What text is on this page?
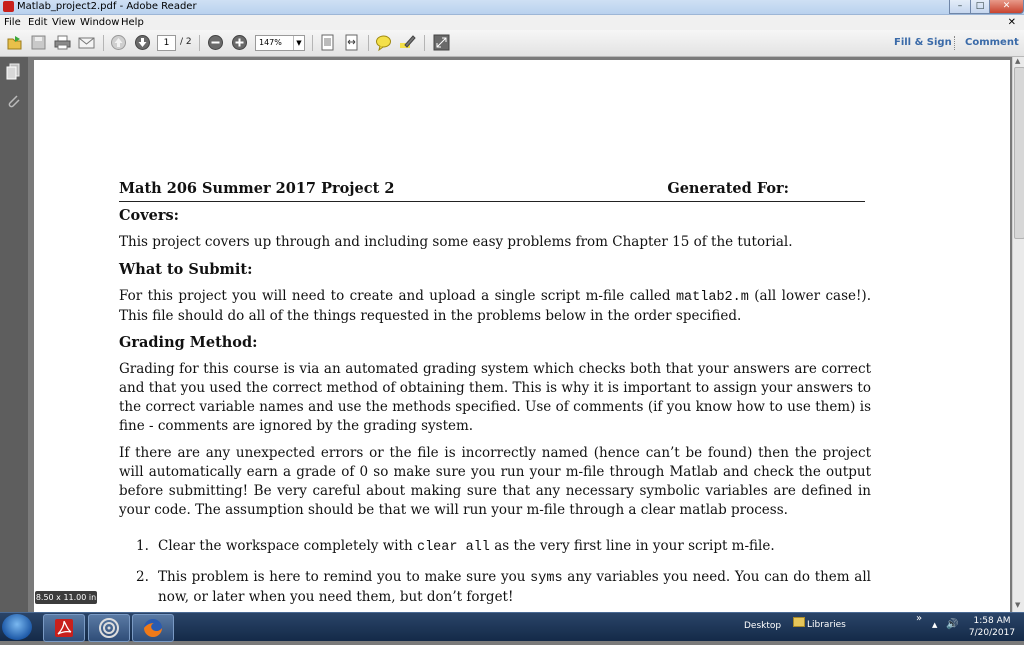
Matlab_project2.pdf - Adobe Reader	–	□	✕
File Edit View Window Help	✕
1	/ 2	147%	▼	Fill & Sign Comment
Math 206 Summer 2017 Project 2	Generated For:
Covers:
This project covers up through and including some easy problems from Chapter 15 of the tutorial.
What to Submit:
For this project you will need to create and upload a single script m-file called matlab2.m (all lower case!). This file should do all of the things requested in the problems below in the order specified.
Grading Method:
Grading for this course is via an automated grading system which checks both that your answers are correct and that you used the correct method of obtaining them. This is why it is important to assign your answers to the correct variable names and use the methods specified. Use of comments (if you know how to use them) is fine - comments are ignored by the grading system.
If there are any unexpected errors or the file is incorrectly named (hence can’t be found) then the project will automatically earn a grade of 0 so make sure you run your m-file through Matlab and check the output before submitting! Be very careful about making sure that any necessary symbolic variables are defined in your code. The assumption should be that we will run your m-file through a clear matlab process.
1. Clear the workspace completely with clear all as the very first line in your script m-file.
2. This problem is here to remind you to make sure you syms any variables you need. You can do them all now, or later when you need them, but don’t forget!
▲
▼
8.50 x 11.00 in
Desktop	Libraries
»
▲ 🔊	1:58 AM
7/20/2017
